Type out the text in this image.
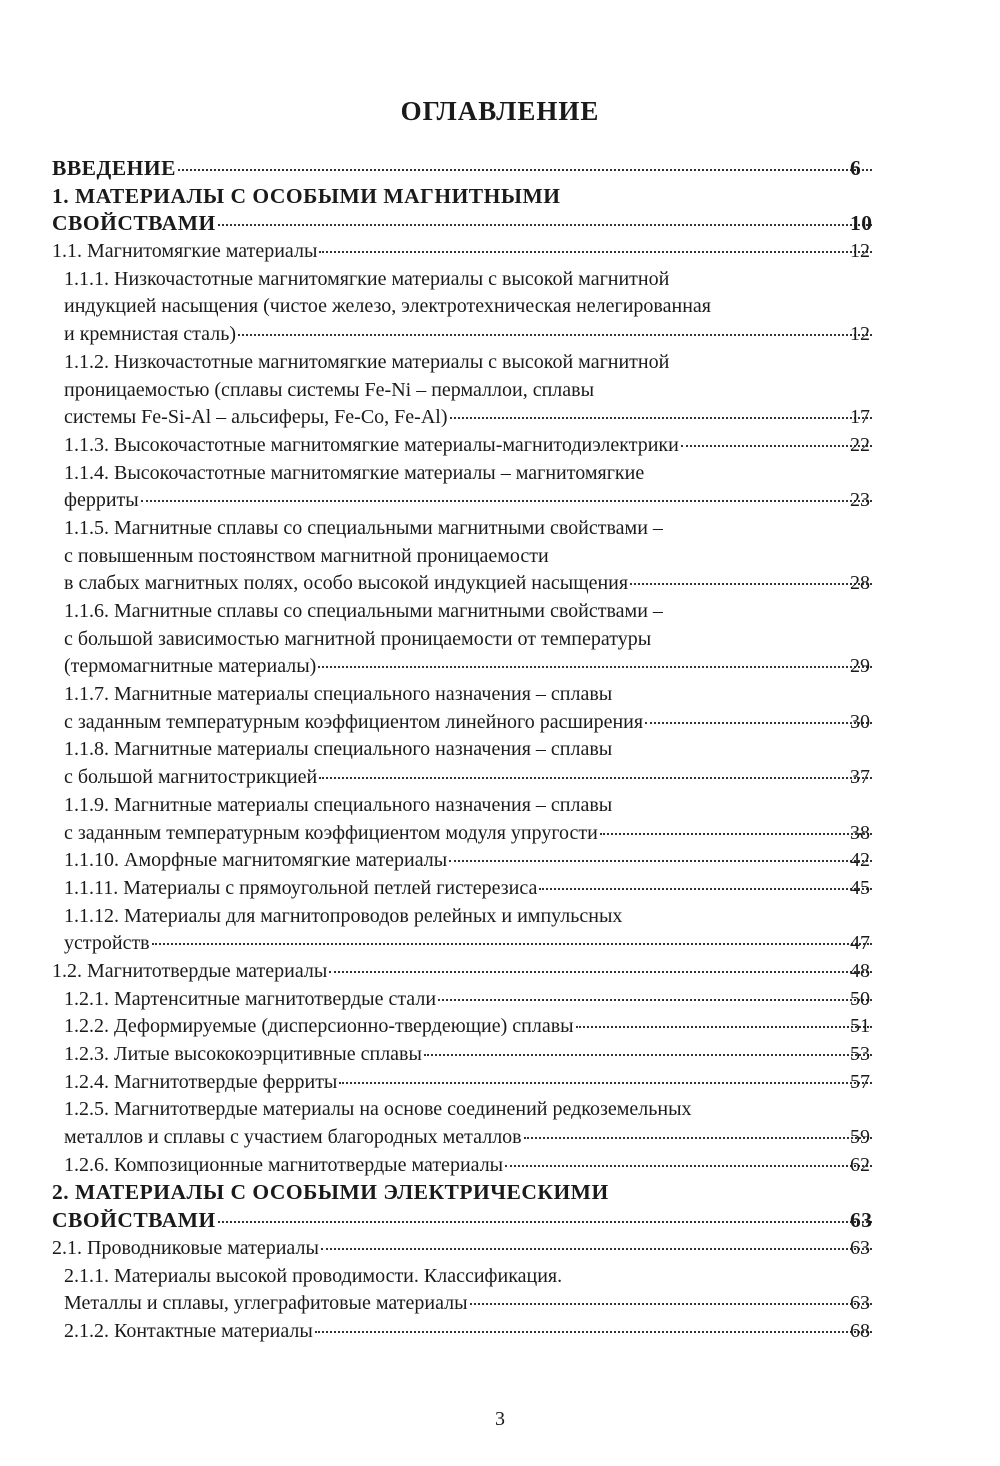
ОГЛАВЛЕНИЕ
ВВЕДЕНИЕ	6
1. МАТЕРИАЛЫ С ОСОБЫМИ МАГНИТНЫМИ
СВОЙСТВАМИ	10
1.1. Магнитомягкие материалы	12
1.1.1. Низкочастотные магнитомягкие материалы с высокой магнитной
индукцией насыщения (чистое железо, электротехническая нелегированная
и кремнистая сталь)	12
1.1.2. Низкочастотные магнитомягкие материалы с высокой магнитной
проницаемостью (сплавы системы Fe-Ni – пермаллои, сплавы
системы Fe-Si-Al – альсиферы, Fe-Co, Fe-Al)	17
1.1.3. Высокочастотные магнитомягкие материалы-магнитодиэлектрики	22
1.1.4. Высокочастотные магнитомягкие материалы – магнитомягкие
ферриты	23
1.1.5. Магнитные сплавы со специальными магнитными свойствами –
с повышенным постоянством магнитной проницаемости
в слабых магнитных полях, особо высокой индукцией насыщения	28
1.1.6. Магнитные сплавы со специальными магнитными свойствами –
с большой зависимостью магнитной проницаемости от температуры
(термомагнитные материалы)	29
1.1.7. Магнитные материалы специального назначения – сплавы
с заданным температурным коэффициентом линейного расширения	30
1.1.8. Магнитные материалы специального назначения – сплавы
с большой магнитострикцией	37
1.1.9. Магнитные материалы специального назначения – сплавы
с заданным температурным коэффициентом модуля упругости	38
1.1.10. Аморфные магнитомягкие материалы	42
1.1.11. Материалы с прямоугольной петлей гистерезиса	45
1.1.12. Материалы для магнитопроводов релейных и импульсных
устройств	47
1.2. Магнитотвердые материалы	48
1.2.1. Мартенситные магнитотвердые стали	50
1.2.2. Деформируемые (дисперсионно-твердеющие) сплавы	51
1.2.3. Литые высококоэрцитивные сплавы	53
1.2.4. Магнитотвердые ферриты	57
1.2.5. Магнитотвердые материалы на основе соединений редкоземельных
металлов и сплавы с участием благородных металлов	59
1.2.6. Композиционные магнитотвердые материалы	62
2. МАТЕРИАЛЫ С ОСОБЫМИ ЭЛЕКТРИЧЕСКИМИ
СВОЙСТВАМИ	63
2.1. Проводниковые материалы	63
2.1.1. Материалы высокой проводимости. Классификация.
Металлы и сплавы, углеграфитовые материалы	63
2.1.2. Контактные материалы	68
3
